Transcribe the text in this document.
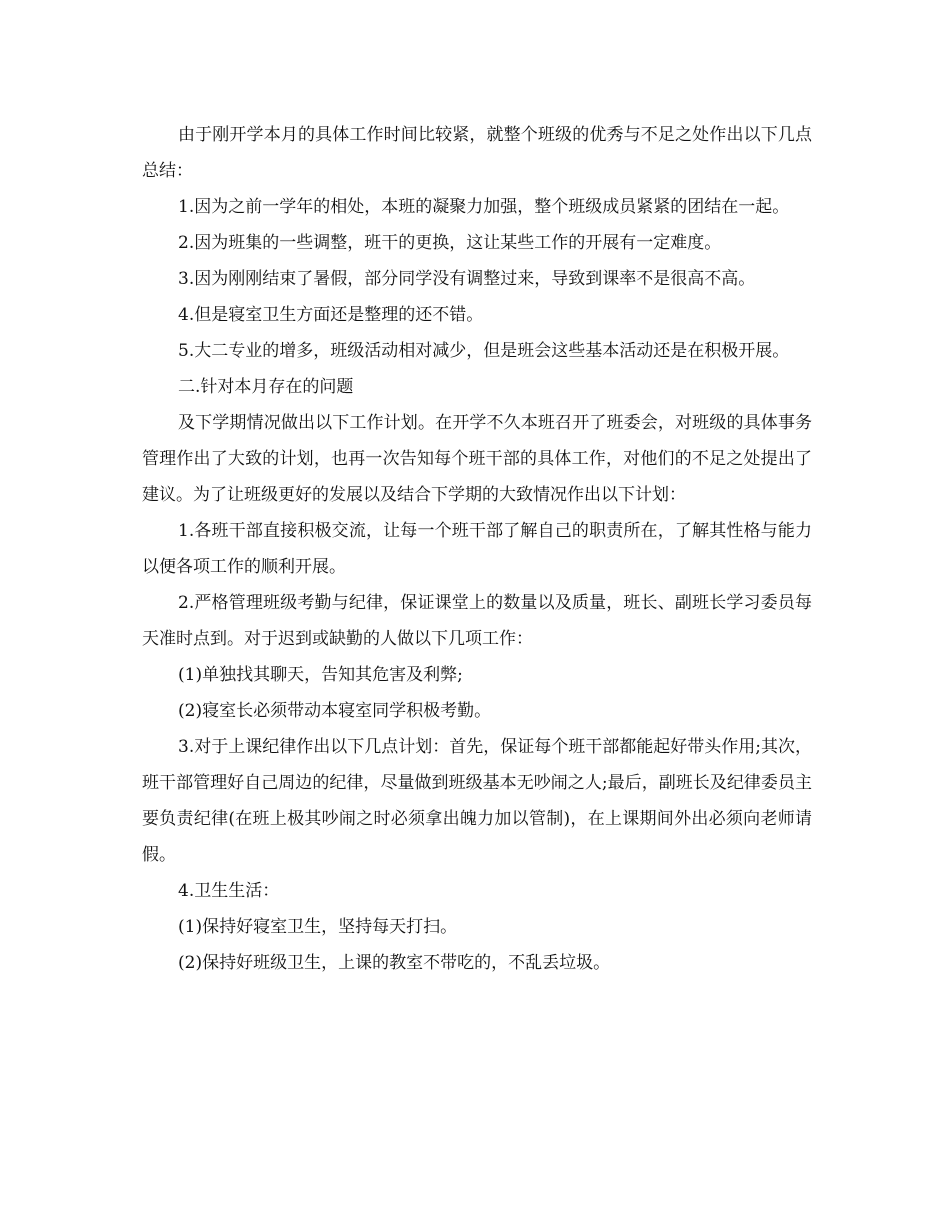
由于刚开学本月的具体工作时间比较紧，就整个班级的优秀与不足之处作出以下几点总结：

1.因为之前一学年的相处，本班的凝聚力加强，整个班级成员紧紧的团结在一起。

2.因为班集的一些调整，班干的更换，这让某些工作的开展有一定难度。

3.因为刚刚结束了暑假，部分同学没有调整过来，导致到课率不是很高不高。

4.但是寝室卫生方面还是整理的还不错。

5.大二专业的增多，班级活动相对减少，但是班会这些基本活动还是在积极开展。

二.针对本月存在的问题

及下学期情况做出以下工作计划。在开学不久本班召开了班委会，对班级的具体事务管理作出了大致的计划，也再一次告知每个班干部的具体工作，对他们的不足之处提出了建议。为了让班级更好的发展以及结合下学期的大致情况作出以下计划：

1.各班干部直接积极交流，让每一个班干部了解自己的职责所在，了解其性格与能力以便各项工作的顺利开展。

2.严格管理班级考勤与纪律，保证课堂上的数量以及质量，班长、副班长学习委员每天准时点到。对于迟到或缺勤的人做以下几项工作：

(1)单独找其聊天，告知其危害及利弊;

(2)寝室长必须带动本寝室同学积极考勤。

3.对于上课纪律作出以下几点计划：首先，保证每个班干部都能起好带头作用;其次，班干部管理好自己周边的纪律，尽量做到班级基本无吵闹之人;最后，副班长及纪律委员主要负责纪律(在班上极其吵闹之时必须拿出魄力加以管制)，在上课期间外出必须向老师请假。

4.卫生生活：

(1)保持好寝室卫生，坚持每天打扫。

(2)保持好班级卫生，上课的教室不带吃的，不乱丢垃圾。
